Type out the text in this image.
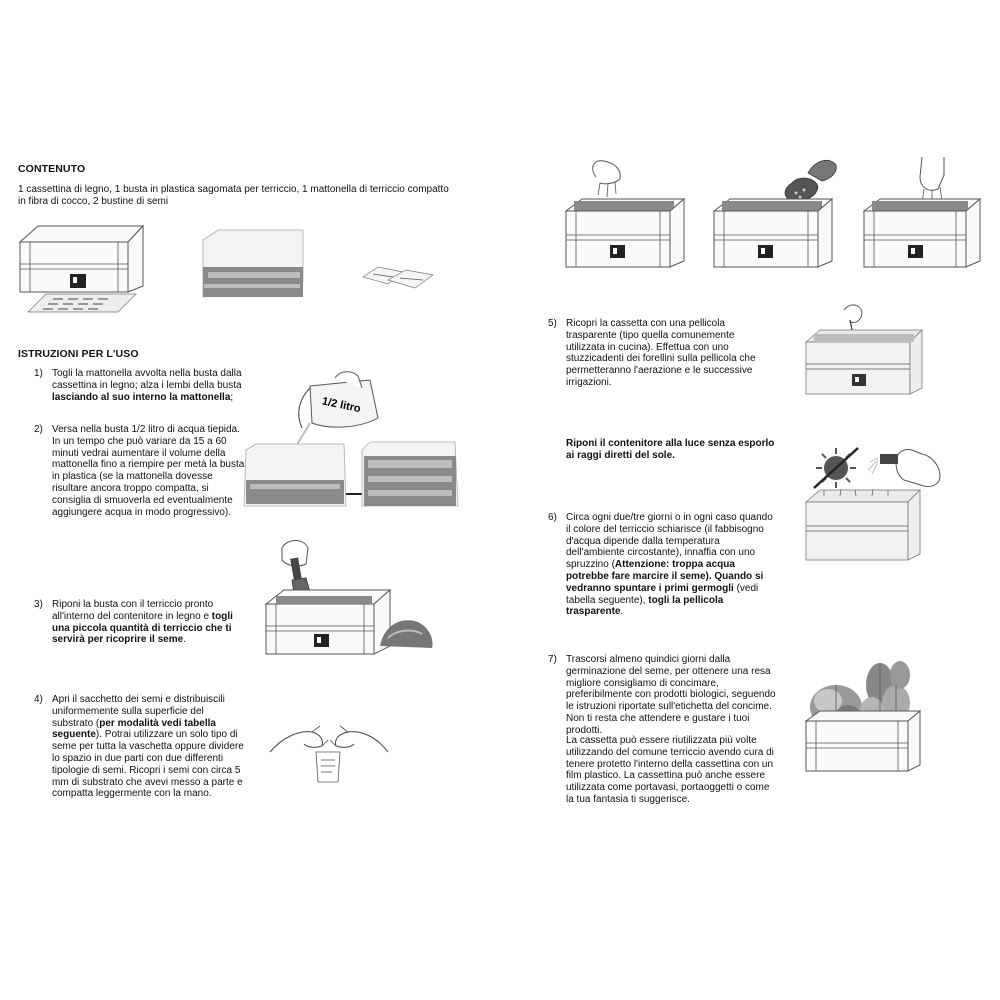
CONTENUTO
1 cassettina di legno, 1 busta in plastica sagomata per terriccio, 1 mattonella di terriccio compatto
in fibra di cocco, 2 bustine di semi
ISTRUZIONI PER L'USO
1) Togli la mattonella avvolta nella busta dalla cassettina in legno; alza i lembi della busta lasciando al suo interno la mattonella;
2) Versa nella busta 1/2 litro di acqua tiepida. In un tempo che può variare da 15 a 60 minuti vedrai aumentare il volume della mattonella fino a riempire per metà la busta in plastica (se la mattonella dovesse risultare ancora troppo compatta, si consiglia di smuoverla ed eventualmente aggiungere acqua in modo progressivo).
1/2 litro
3) Riponi la busta con il terriccio pronto all'interno del contenitore in legno e togli una piccola quantità di terriccio che ti servirà per ricoprire il seme.
4) Apri il sacchetto dei semi e distribuiscili uniformemente sulla superficie del substrato (per modalità vedi tabella seguente). Potrai utilizzare un solo tipo di seme per tutta la vaschetta oppure dividere lo spazio in due parti con due differenti tipologie di semi. Ricopri i semi con circa 5 mm di substrato che avevi messo a parte e compatta leggermente con la mano.
5) Ricopri la cassetta con una pellicola trasparente (tipo quella comunemente utilizzata in cucina). Effettua con uno stuzzicadenti dei forellini sulla pellicola che permetteranno l'aerazione e le successive irrigazioni.
Riponi il contenitore alla luce senza esporlo ai raggi diretti del sole.
6) Circa ogni due/tre giorni o in ogni caso quando il colore del terriccio schiarisce (il fabbisogno d'acqua dipende dalla temperatura dell'ambiente circostante), innaffia con uno spruzzino (Attenzione: troppa acqua potrebbe fare marcire il seme). Quando si vedranno spuntare i primi germogli (vedi tabella seguente), togli la pellicola trasparente.
7) Trascorsi almeno quindici giorni dalla germinazione del seme, per ottenere una resa migliore consigliamo di concimare, preferibilmente con prodotti biologici, seguendo le istruzioni riportate sull'etichetta del concime. Non ti resta che attendere e gustare i tuoi prodotti.
La cassetta può essere riutilizzata più volte utilizzando del comune terriccio avendo cura di tenere protetto l'interno della cassettina con un film plastico. La cassettina può anche essere utilizzata come portavasi, portaoggetti o come la tua fantasia ti suggerisce.
